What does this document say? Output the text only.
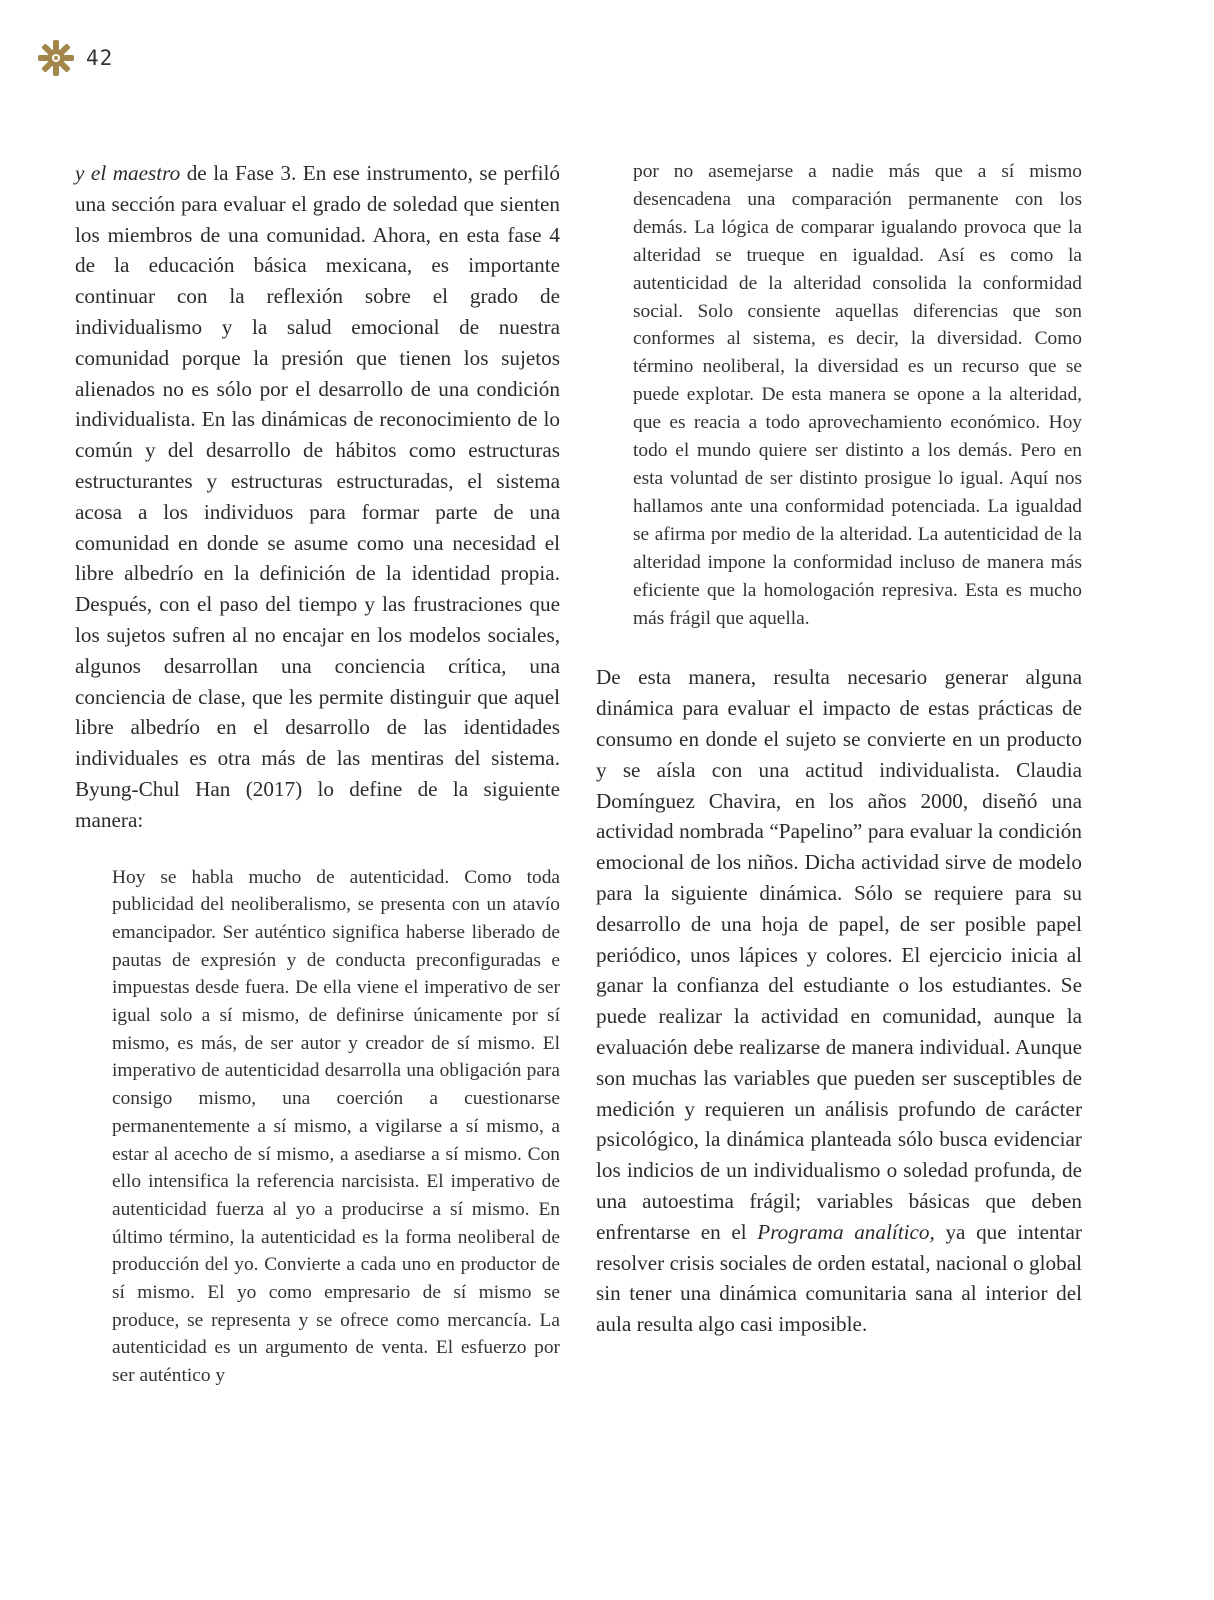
42

y el maestro de la Fase 3. En ese instrumento, se perfiló una sección para evaluar el grado de soledad que sienten los miembros de una comunidad. Ahora, en esta fase 4 de la educación básica mexicana, es importante continuar con la reflexión sobre el grado de individualismo y la salud emocional de nuestra comunidad porque la presión que tienen los sujetos alienados no es sólo por el desarrollo de una condición individualista. En las dinámicas de reconocimiento de lo común y del desarrollo de hábitos como estructuras estructurantes y estructuras estructuradas, el sistema acosa a los individuos para formar parte de una comunidad en donde se asume como una necesidad el libre albedrío en la definición de la identidad propia. Después, con el paso del tiempo y las frustraciones que los sujetos sufren al no encajar en los modelos sociales, algunos desarrollan una conciencia crítica, una conciencia de clase, que les permite distinguir que aquel libre albedrío en el desarrollo de las identidades individuales es otra más de las mentiras del sistema. Byung-Chul Han (2017) lo define de la siguiente manera:

Hoy se habla mucho de autenticidad. Como toda publicidad del neoliberalismo, se presenta con un atavío emancipador. Ser auténtico significa haberse liberado de pautas de expresión y de conducta preconfiguradas e impuestas desde fuera. De ella viene el imperativo de ser igual solo a sí mismo, de definirse únicamente por sí mismo, es más, de ser autor y creador de sí mismo. El imperativo de autenticidad desarrolla una obligación para consigo mismo, una coerción a cuestionarse permanentemente a sí mismo, a vigilarse a sí mismo, a estar al acecho de sí mismo, a asediarse a sí mismo. Con ello intensifica la referencia narcisista. El imperativo de autenticidad fuerza al yo a producirse a sí mismo. En último término, la autenticidad es la forma neoliberal de producción del yo. Convierte a cada uno en productor de sí mismo. El yo como empresario de sí mismo se produce, se representa y se ofrece como mercancía. La autenticidad es un argumento de venta. El esfuerzo por ser auténtico y

por no asemejarse a nadie más que a sí mismo desencadena una comparación permanente con los demás. La lógica de comparar igualando provoca que la alteridad se trueque en igualdad. Así es como la autenticidad de la alteridad consolida la conformidad social. Solo consiente aquellas diferencias que son conformes al sistema, es decir, la diversidad. Como término neoliberal, la diversidad es un recurso que se puede explotar. De esta manera se opone a la alteridad, que es reacia a todo aprovechamiento económico. Hoy todo el mundo quiere ser distinto a los demás. Pero en esta voluntad de ser distinto prosigue lo igual. Aquí nos hallamos ante una conformidad potenciada. La igualdad se afirma por medio de la alteridad. La autenticidad de la alteridad impone la conformidad incluso de manera más eficiente que la homologación represiva. Esta es mucho más frágil que aquella.

De esta manera, resulta necesario generar alguna dinámica para evaluar el impacto de estas prácticas de consumo en donde el sujeto se convierte en un producto y se aísla con una actitud individualista. Claudia Domínguez Chavira, en los años 2000, diseñó una actividad nombrada “Papelino” para evaluar la condición emocional de los niños. Dicha actividad sirve de modelo para la siguiente dinámica. Sólo se requiere para su desarrollo de una hoja de papel, de ser posible papel periódico, unos lápices y colores. El ejercicio inicia al ganar la confianza del estudiante o los estudiantes. Se puede realizar la actividad en comunidad, aunque la evaluación debe realizarse de manera individual. Aunque son muchas las variables que pueden ser susceptibles de medición y requieren un análisis profundo de carácter psicológico, la dinámica planteada sólo busca evidenciar los indicios de un individualismo o soledad profunda, de una autoestima frágil; variables básicas que deben enfrentarse en el Programa analítico, ya que intentar resolver crisis sociales de orden estatal, nacional o global sin tener una dinámica comunitaria sana al interior del aula resulta algo casi imposible.
